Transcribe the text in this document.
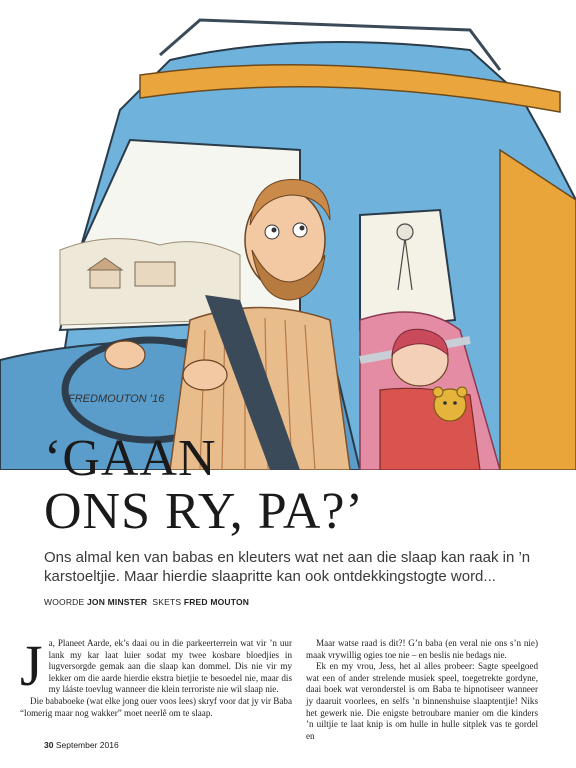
FREDMOUTON ’16
‘GAAN
ONS RY, PA?’

Ons almal ken van babas en kleuters wat net aan die slaap kan raak in ’n karstoeltjie. Maar hierdie slaapritte kan ook ontdekkingstogte word...

WOORDE JON MINSTER SKETS FRED MOUTON

J a, Planeet Aarde, ek’s daai ou in die parkeerterrein wat vir ’n uur lank my kar laat luier sodat my twee kosbare bloedjies in lugversorgde gemak aan die slaap kan dommel. Dis nie vir my lekker om die aarde hierdie ekstra bietjie te besoedel nie, maar dis my lááste toevlug wanneer die klein terroriste nie wil slaap nie.

Die bababoeke (wat elke jong ouer voos lees) skryf voor dat jy vir Baba “lomerig maar nog wakker” moet neerlê om te slaap.

Maar watse raad is dit?! G’n baba (en veral nie ons s’n nie) maak vrywillig ogies toe nie – en beslis nie bedags nie.

Ek en my vrou, Jess, het al alles probeer: Sagte speelgoed wat een of ander strelende musiek speel, toegetrekte gordyne, daai boek wat veronderstel is om Baba te hipnotiseer wanneer jy daaruit voorlees, en selfs ’n binnenshuise slaaptentjie! Niks het gewerk nie. Die enigste betroubare manier om die kinders ’n uiltjie te laat knip is om hulle in hulle sitplek vas te gordel en

30 September 2016
